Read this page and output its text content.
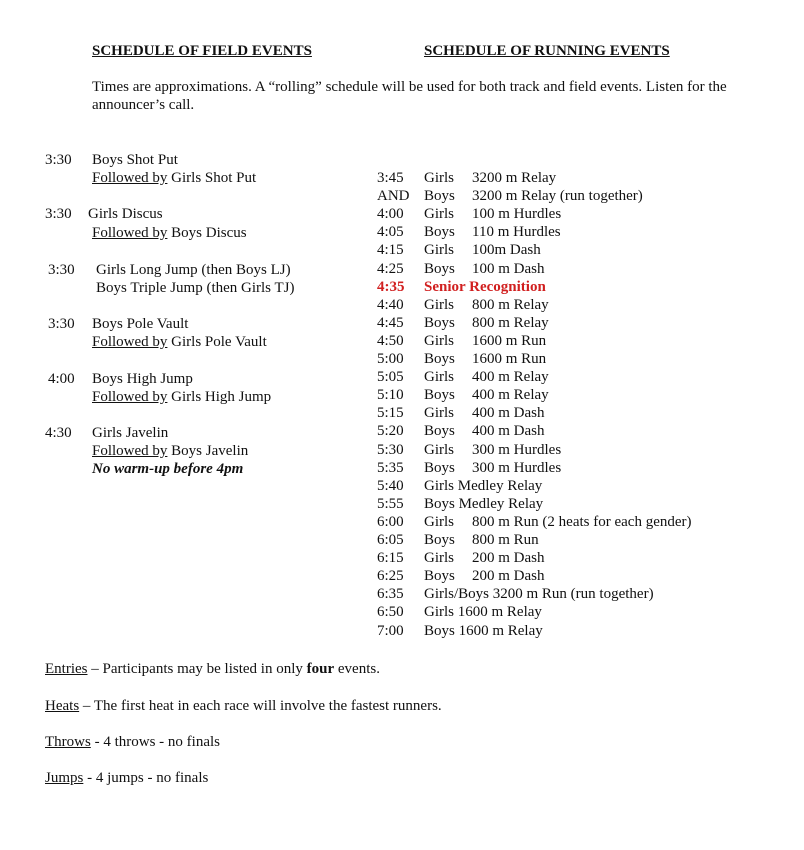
SCHEDULE OF FIELD EVENTS	SCHEDULE OF RUNNING EVENTS
Times are approximations. A “rolling” schedule will be used for both track and field events. Listen for the announcer’s call.
3:30 Boys Shot Put
Followed by Girls Shot Put
3:30 Girls Discus
Followed by Boys Discus
3:30 Girls Long Jump (then Boys LJ)
Boys Triple Jump (then Girls TJ)
3:30 Boys Pole Vault
Followed by Girls Pole Vault
4:00 Boys High Jump
Followed by Girls High Jump
4:30 Girls Javelin
Followed by Boys Javelin
No warm-up before 4pm
3:45	Girls 3200 m Relay
AND Boys 3200 m Relay (run together)
4:00	Girls 100 m Hurdles
4:05	Boys 110 m Hurdles
4:15	Girls 100m Dash
4:25	Boys 100 m Dash
4:35	Senior Recognition
4:40	Girls 800 m Relay
4:45	Boys 800 m Relay
4:50	Girls 1600 m Run
5:00	Boys 1600 m Run
5:05	Girls 400 m Relay
5:10	Boys 400 m Relay
5:15	Girls 400 m Dash
5:20	Boys 400 m Dash
5:30	Girls 300 m Hurdles
5:35	Boys 300 m Hurdles
5:40	Girls Medley Relay
5:55	Boys Medley Relay
6:00	Girls 800 m Run (2 heats for each gender)
6:05	Boys 800 m Run
6:15	Girls 200 m Dash
6:25	Boys 200 m Dash
6:35	Girls/Boys 3200 m Run (run together)
6:50	Girls 1600 m Relay
7:00	Boys 1600 m Relay
Entries – Participants may be listed in only four events.
Heats – The first heat in each race will involve the fastest runners.
Throws - 4 throws - no finals
Jumps - 4 jumps - no finals
